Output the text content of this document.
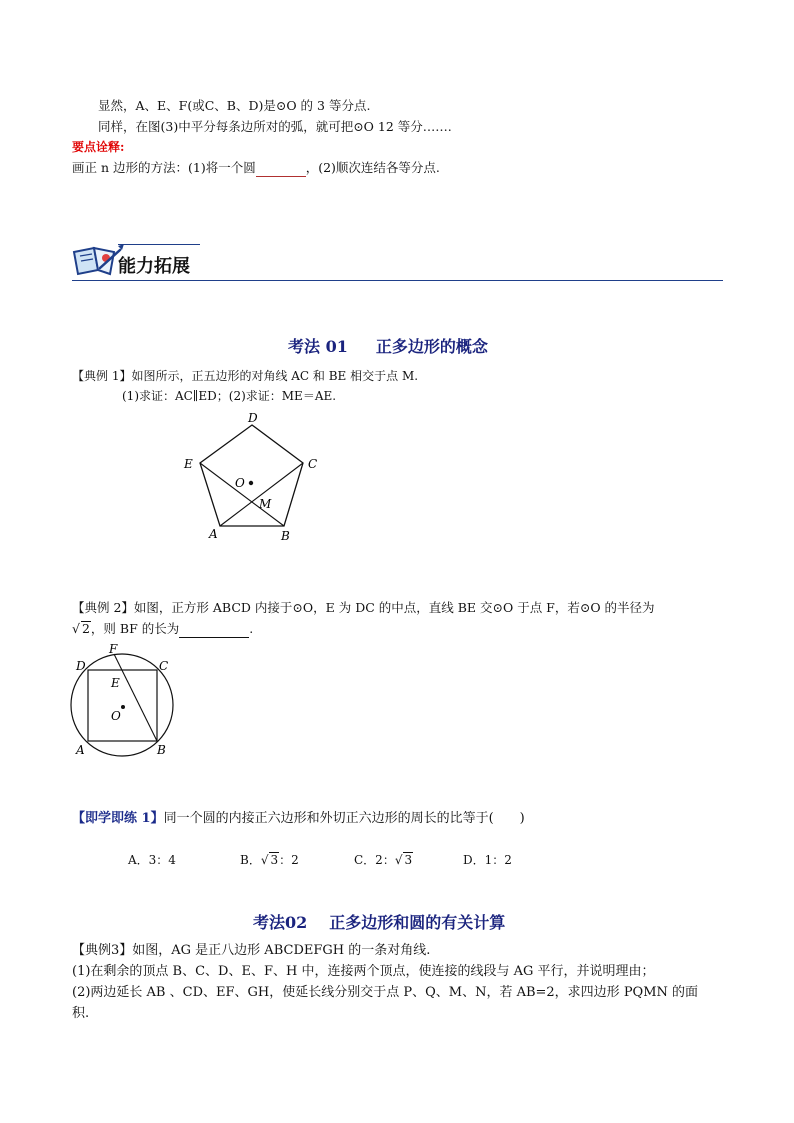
显然，A、E、F(或C、B、D)是⊙O 的 3 等分点.
同样，在图(3)中平分每条边所对的弧，就可把⊙O 12 等分…….
要点诠释:
画正 n 边形的方法：(1)将一个圆	，(2)顺次连结各等分点.
能力拓展
考法 01 正多边形的概念
【典例 1】如图所示，正五边形的对角线 AC 和 BE 相交于点 M.
(1)求证：AC∥ED；(2)求证：ME＝AE.
D
E	C
O
M
A	B
【典例 2】如图，正方形 ABCD 内接于⊙O，E 为 DC 的中点，直线 BE 交⊙O 于点 F，若⊙O 的半径为
√ 2，则 BF 的长为	.
F
D	C
E
O
A	B
【即学即练 1】同一个圆的内接正六边形和外切正六边形的周长的比等于(　　)
A．3：4	B．√ 3：2	C．2：√ 3	D．1：2
考法02 正多边形和圆的有关计算
【典例3】如图，AG 是正八边形 ABCDEFGH 的一条对角线.
(1)在剩余的顶点 B、C、D、E、F、H 中，连接两个顶点，使连接的线段与 AG 平行，并说明理由；
(2)两边延长 AB 、CD、EF、GH，使延长线分别交于点 P、Q、M、N，若 AB=2，求四边形 PQMN 的面
积.
